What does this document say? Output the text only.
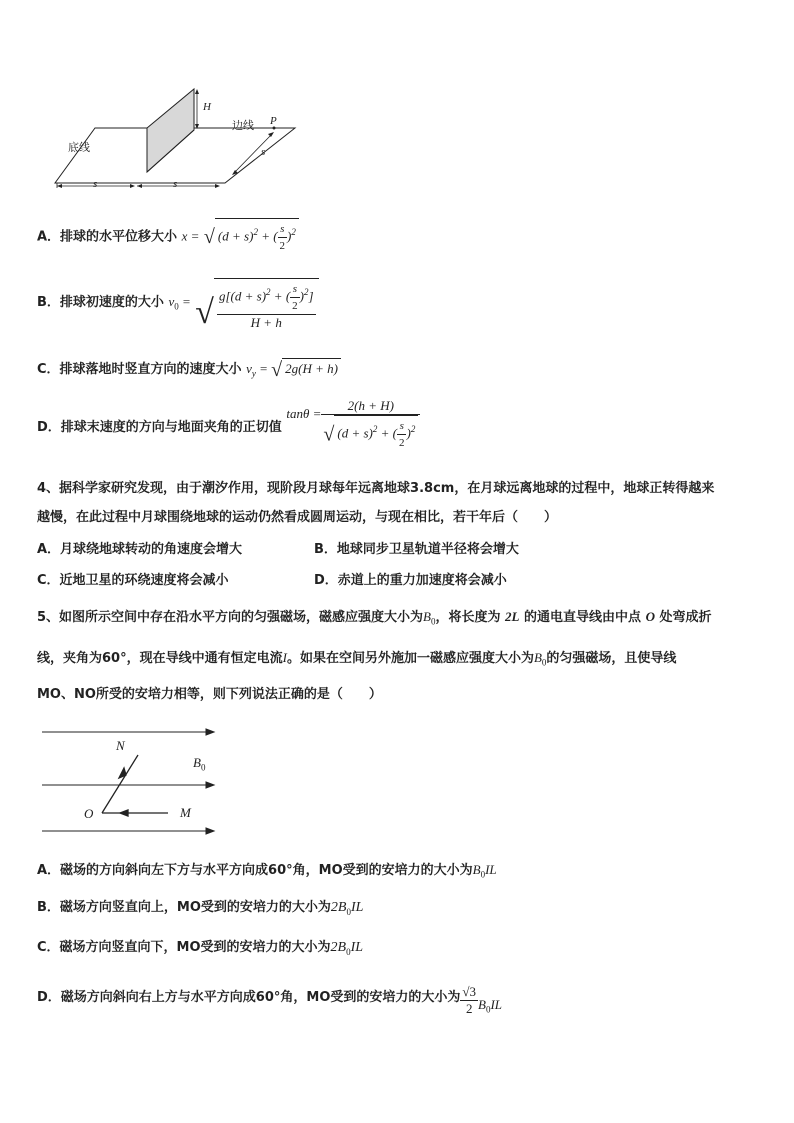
H
边线 P
底线	s
s	s
A．排球的水平位移大小 x = √ $(d + s)^2$ + ( $\frac{s}{2} )^2$
B．排球初速度的大小 $v_0$ = √ $\frac{g[(d + s)^2 + ( \frac{s}{2} )^2]}{H + h}$
C．排球落地时竖直方向的速度大小 $v_y$ = √ 2g(H + h)
D．排球末速度的方向与地面夹角的正切值 $\tan\theta = \frac{2(h + H)}{√ (d + s)^2 + ( \frac{s}{2} )^2}$
4、据科学家研究发现，由于潮汐作用，现阶段月球每年远离地球3.8cm，在月球远离地球的过程中，地球正转得越来
越慢，在此过程中月球围绕地球的运动仍然看成圆周运动，与现在相比，若干年后（　　）
A．月球绕地球转动的角速度会增大	B．地球同步卫星轨道半径将会增大
C．近地卫星的环绕速度将会减小	D．赤道上的重力加速度将会减小
5、如图所示空间中存在沿水平方向的匀强磁场，磁感应强度大小为$B_0$，将长度为 2L 的通电直导线由中点 O 处弯成折
线，夹角为60°，现在导线中通有恒定电流I。如果在空间另外施加一磁感应强度大小为$B_0$的匀强磁场，且使导线
MO、NO所受的安培力相等，则下列说法正确的是（　　）
N
$B_0$
O	M
A．磁场的方向斜向左下方与水平方向成60°角，MO受到的安培力的大小为$B_0IL$
B．磁场方向竖直向上，MO受到的安培力的大小为$2B_0IL$
C．磁场方向竖直向下，MO受到的安培力的大小为$2B_0IL$
D．磁场方向斜向右上方与水平方向成60°角，MO受到的安培力的大小为 $\frac{√3}{2} B_0IL$
